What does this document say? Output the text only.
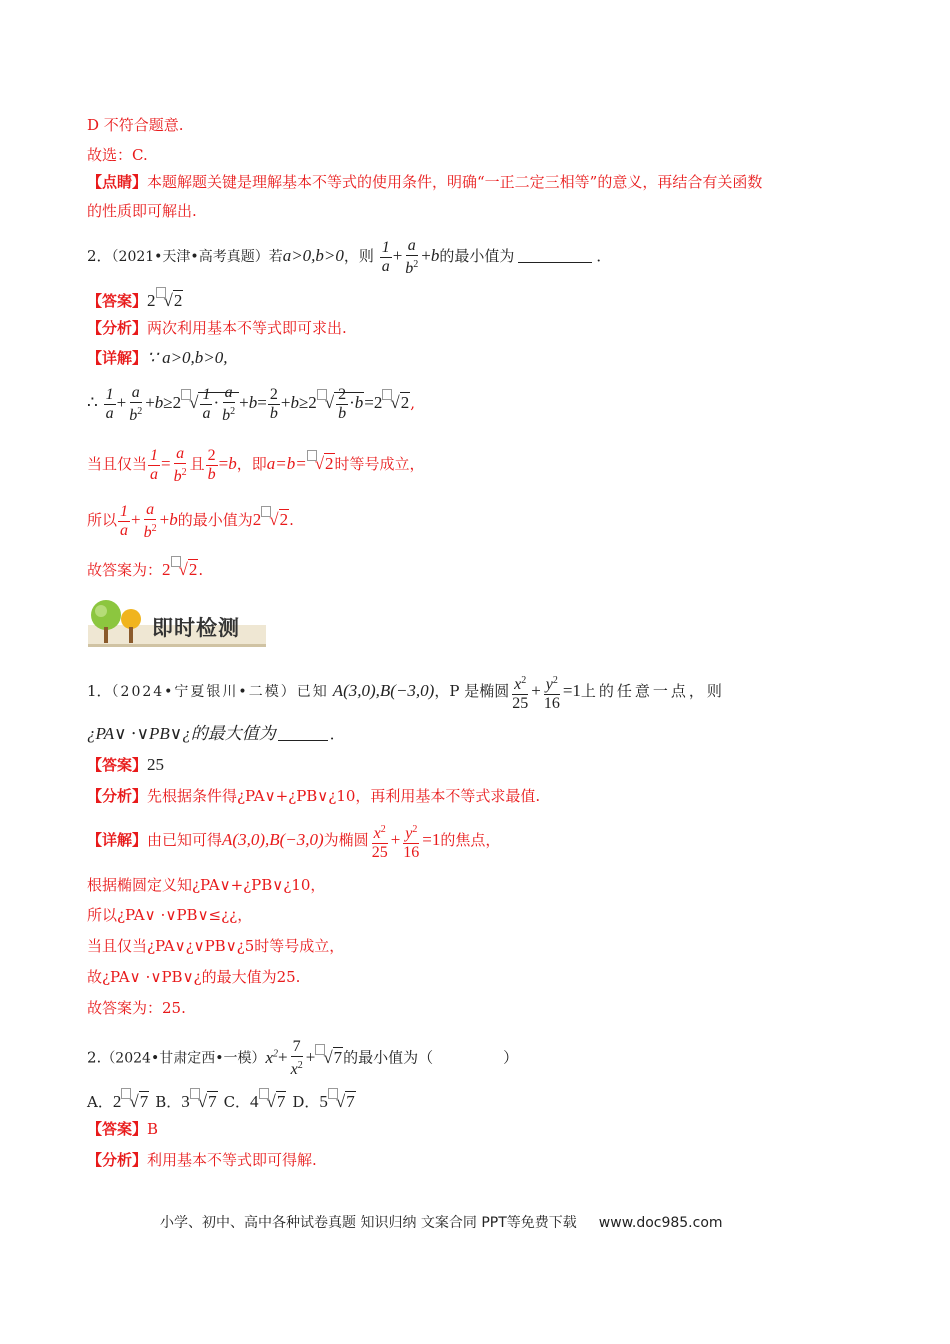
D 不符合题意.
故选：C.
【点睛】本题解题关键是理解基本不等式的使用条件，明确“一正二定三相等”的意义，再结合有关函数
的性质即可解出.
2．（2021•天津•高考真题）若a>0,b>0，则 $\frac{1}{a} + \frac{a}{b^2} +b$的最小值为	．
【答案】2 √2
【分析】两次利用基本不等式即可求出.
【详解】∵ a>0,b>0,
∴ $\frac{1}{a} + \frac{a}{b^2} +b\ge 2$ √ $\frac{1}{a} \cdot \frac{a}{b^2} +b= \frac{2}{b} +b\ge 2$ √ $\frac{2}{b} \cdot b=2$ √2,
当且仅当 $\frac{1}{a} = \frac{a}{b^2}$ 且 $\frac{2}{b} =b$，即a=b= √2时等号成立，
所以 $\frac{1}{a} + \frac{a}{b^2} +b$的最小值为2 √2.
故答案为：2 √2.
即时检测
1．（2024•宁夏银川•二模）已知 A(3,0),B(−3,0)，P 是椭圆 $\frac{x^2}{25} + \frac{y^2}{16} =1$上的任意一点，则
¿PA∨ ⋅∨PB∨¿的最大值为	．
【答案】25
【分析】先根据条件得¿PA∨+¿PB∨¿10，再利用基本不等式求最值.
【详解】由已知可得A(3,0),B(−3,0)为椭圆 $\frac{x^2}{25} + \frac{y^2}{16} =1$的焦点，
根据椭圆定义知¿PA∨+¿PB∨¿10，
所以¿PA∨ ⋅∨PB∨≤¿¿，
当且仅当¿PA∨¿∨PB∨¿5时等号成立，
故¿PA∨ ⋅∨PB∨¿的最大值为25.
故答案为：25.
2.（2024•甘肃定西•一模）$x^2+ \frac{7}{x^2} + √7$的最小值为（	）
A．2 √7 B．3 √7 C．4 √7 D．5 √7
【答案】B
【分析】利用基本不等式即可得解.
小学、初中、高中各种试卷真题 知识归纳 文案合同 PPT等免费下载 www.doc985.com
